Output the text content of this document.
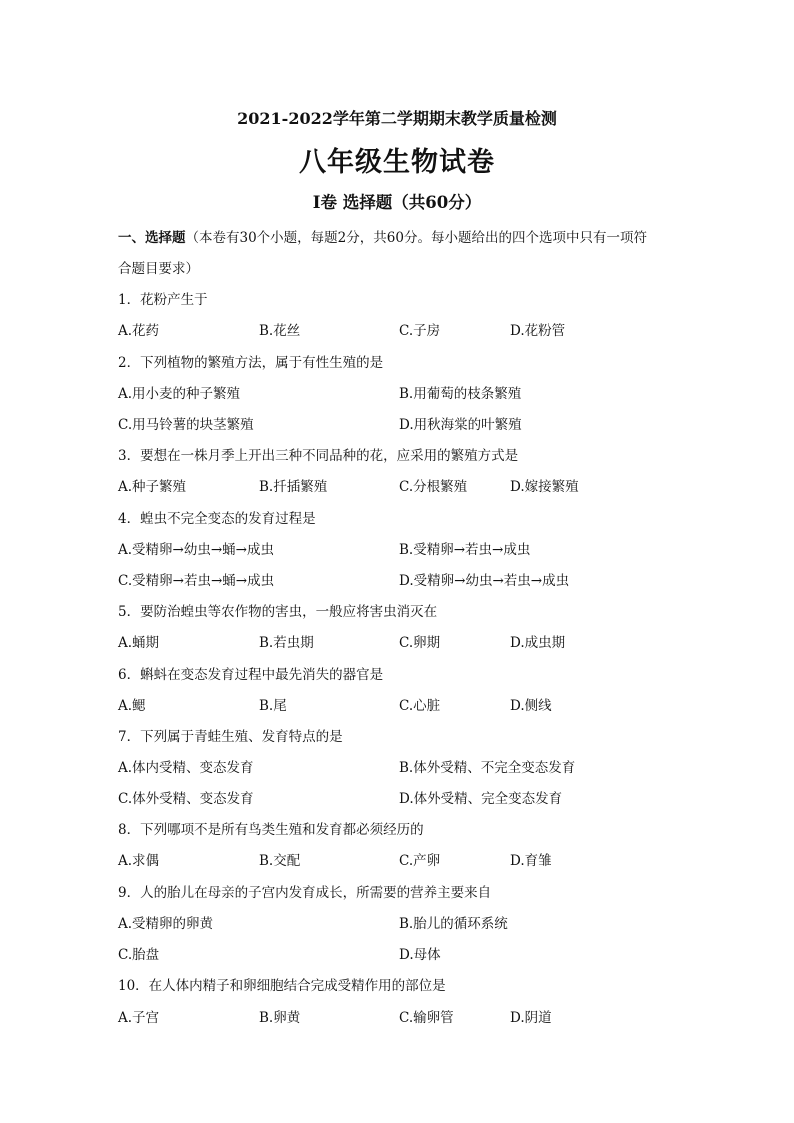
2021-2022学年第二学期期末教学质量检测
八年级生物试卷
Ⅰ卷 选择题（共60分）
一、选择题（本卷有30个小题，每题2分，共60分。每小题给出的四个选项中只有一项符
合题目要求）
1．花粉产生于
A.花药	B.花丝	C.子房	D.花粉管
2．下列植物的繁殖方法，属于有性生殖的是
A.用小麦的种子繁殖	B.用葡萄的枝条繁殖
C.用马铃薯的块茎繁殖	D.用秋海棠的叶繁殖
3．要想在一株月季上开出三种不同品种的花，应采用的繁殖方式是
A.种子繁殖	B.扦插繁殖	C.分根繁殖	D.嫁接繁殖
4．蝗虫不完全变态的发育过程是
A.受精卵→幼虫→蛹→成虫	B.受精卵→若虫→成虫
C.受精卵→若虫→蛹→成虫	D.受精卵→幼虫→若虫→成虫
5．要防治蝗虫等农作物的害虫，一般应将害虫消灭在
A.蛹期	B.若虫期	C.卵期	D.成虫期
6．蝌蚪在变态发育过程中最先消失的器官是
A.鳃	B.尾	C.心脏	D.侧线
7．下列属于青蛙生殖、发育特点的是
A.体内受精、变态发育	B.体外受精、不完全变态发育
C.体外受精、变态发育	D.体外受精、完全变态发育
8．下列哪项不是所有鸟类生殖和发育都必须经历的
A.求偶	B.交配	C.产卵	D.育雏
9．人的胎儿在母亲的子宫内发育成长，所需要的营养主要来自
A.受精卵的卵黄	B.胎儿的循环系统
C.胎盘	D.母体
10．在人体内精子和卵细胞结合完成受精作用的部位是
A.子宫	B.卵黄	C.输卵管	D.阴道
